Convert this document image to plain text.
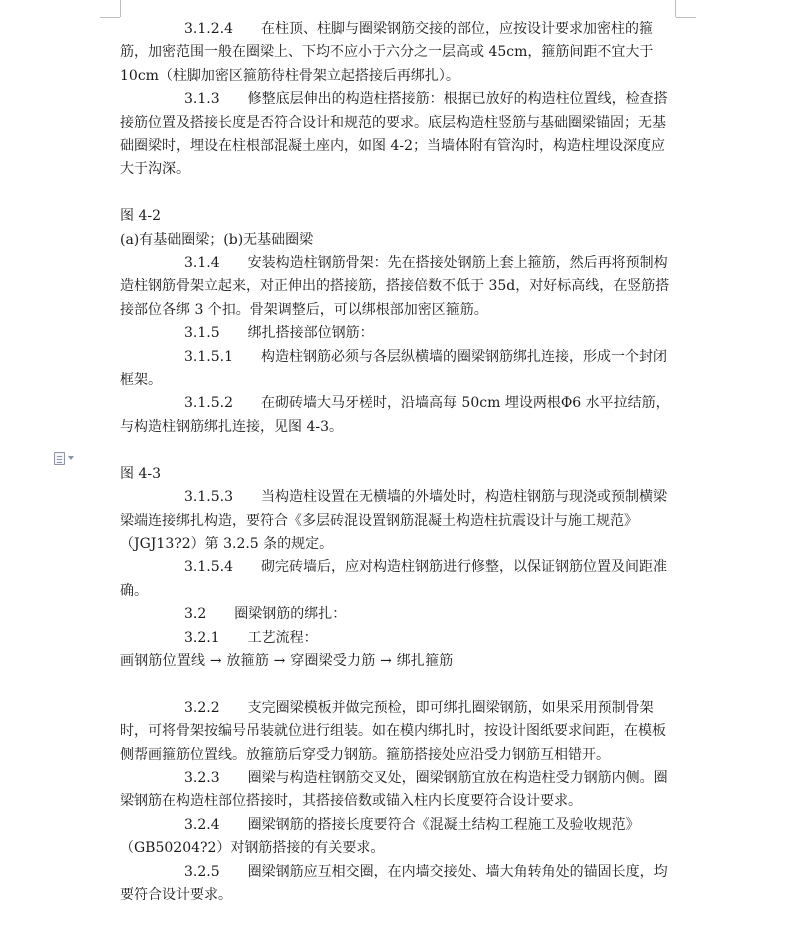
3.1.2.4 在柱顶、柱脚与圈梁钢筋交接的部位，应按设计要求加密柱的箍筋，加密范围一般在圈梁上、下均不应小于六分之一层高或 45cm，箍筋间距不宜大于 10cm（柱脚加密区箍筋待柱骨架立起搭接后再绑扎）。

3.1.3 修整底层伸出的构造柱搭接筋：根据已放好的构造柱位置线，检查搭接筋位置及搭接长度是否符合设计和规范的要求。底层构造柱竖筋与基础圈梁锚固；无基础圈梁时，埋设在柱根部混凝土座内，如图 4-2；当墙体附有管沟时，构造柱埋设深度应大于沟深。

图 4-2

(a)有基础圈梁；(b)无基础圈梁

3.1.4 安装构造柱钢筋骨架：先在搭接处钢筋上套上箍筋，然后再将预制构造柱钢筋骨架立起来，对正伸出的搭接筋，搭接倍数不低于 35d，对好标高线，在竖筋搭接部位各绑 3 个扣。骨架调整后，可以绑根部加密区箍筋。

3.1.5 绑扎搭接部位钢筋：

3.1.5.1 构造柱钢筋必须与各层纵横墙的圈梁钢筋绑扎连接，形成一个封闭框架。

3.1.5.2 在砌砖墙大马牙槎时，沿墙高每 50cm 埋设两根Φ6 水平拉结筋，与构造柱钢筋绑扎连接，见图 4-3。

图 4-3

3.1.5.3 当构造柱设置在无横墙的外墙处时，构造柱钢筋与现浇或预制横梁梁端连接绑扎构造，要符合《多层砖混设置钢筋混凝土构造柱抗震设计与施工规范》（JGJ13?2）第 3.2.5 条的规定。

3.1.5.4 砌完砖墙后，应对构造柱钢筋进行修整，以保证钢筋位置及间距准确。

3.2 圈梁钢筋的绑扎：

3.2.1 工艺流程：

画钢筋位置线 → 放箍筋 → 穿圈梁受力筋 → 绑扎箍筋

3.2.2 支完圈梁模板并做完预检，即可绑扎圈梁钢筋，如果采用预制骨架时，可将骨架按编号吊装就位进行组装。如在模内绑扎时，按设计图纸要求间距，在模板侧帮画箍筋位置线。放箍筋后穿受力钢筋。箍筋搭接处应沿受力钢筋互相错开。

3.2.3 圈梁与构造柱钢筋交叉处，圈梁钢筋宜放在构造柱受力钢筋内侧。圈梁钢筋在构造柱部位搭接时，其搭接倍数或锚入柱内长度要符合设计要求。

3.2.4 圈梁钢筋的搭接长度要符合《混凝土结构工程施工及验收规范》（GB50204?2）对钢筋搭接的有关要求。

3.2.5 圈梁钢筋应互相交圈，在内墙交接处、墙大角转角处的锚固长度，均要符合设计要求。
